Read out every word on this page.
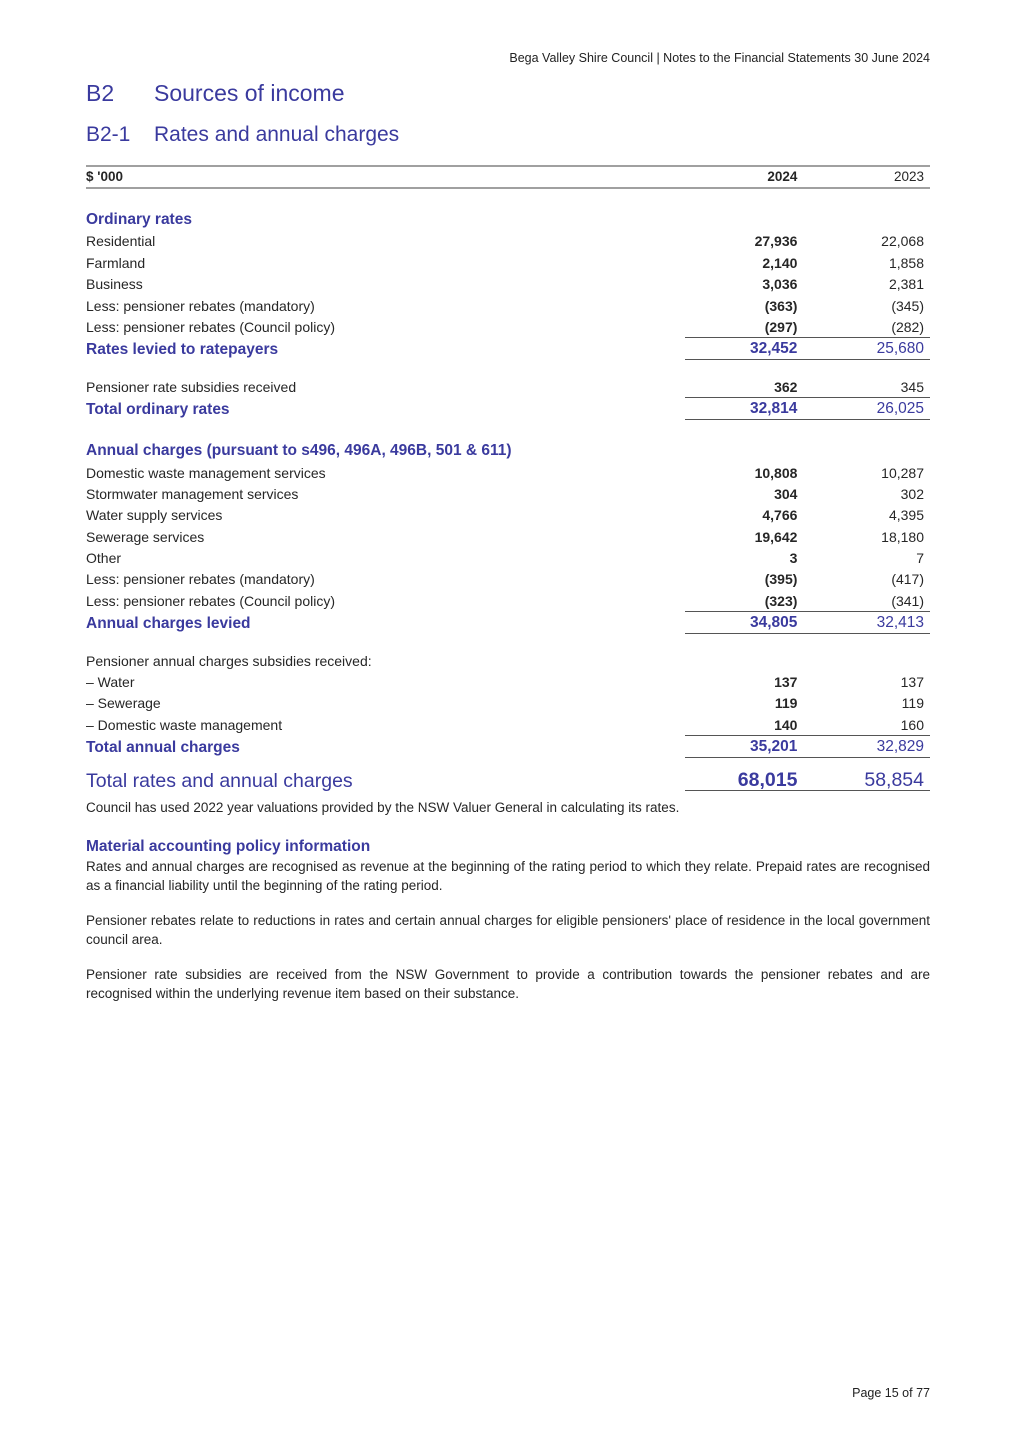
Bega Valley Shire Council | Notes to the Financial Statements 30 June 2024
B2 Sources of income
B2-1 Rates and annual charges
$ '000	2024	2023

Ordinary rates		
Residential	27,936	22,068
Farmland	2,140	1,858
Business	3,036	2,381
Less: pensioner rebates (mandatory)	(363)	(345)
Less: pensioner rebates (Council policy)	(297)	(282)
Rates levied to ratepayers	32,452	25,680

Pensioner rate subsidies received	362	345
Total ordinary rates	32,814	26,025

Annual charges (pursuant to s496, 496A, 496B, 501 & 611)		
Domestic waste management services	10,808	10,287
Stormwater management services	304	302
Water supply services	4,766	4,395
Sewerage services	19,642	18,180
Other	3	7
Less: pensioner rebates (mandatory)	(395)	(417)
Less: pensioner rebates (Council policy)	(323)	(341)
Annual charges levied	34,805	32,413

Pensioner annual charges subsidies received:		
– Water	137	137
– Sewerage	119	119
– Domestic waste management	140	160
Total annual charges	35,201	32,829
Total rates and annual charges	68,015	58,854
Council has used 2022 year valuations provided by the NSW Valuer General in calculating its rates.
Material accounting policy information
Rates and annual charges are recognised as revenue at the beginning of the rating period to which they relate. Prepaid rates are recognised as a financial liability until the beginning of the rating period.
Pensioner rebates relate to reductions in rates and certain annual charges for eligible pensioners' place of residence in the local government council area.
Pensioner rate subsidies are received from the NSW Government to provide a contribution towards the pensioner rebates and are recognised within the underlying revenue item based on their substance.
Page 15 of 77
